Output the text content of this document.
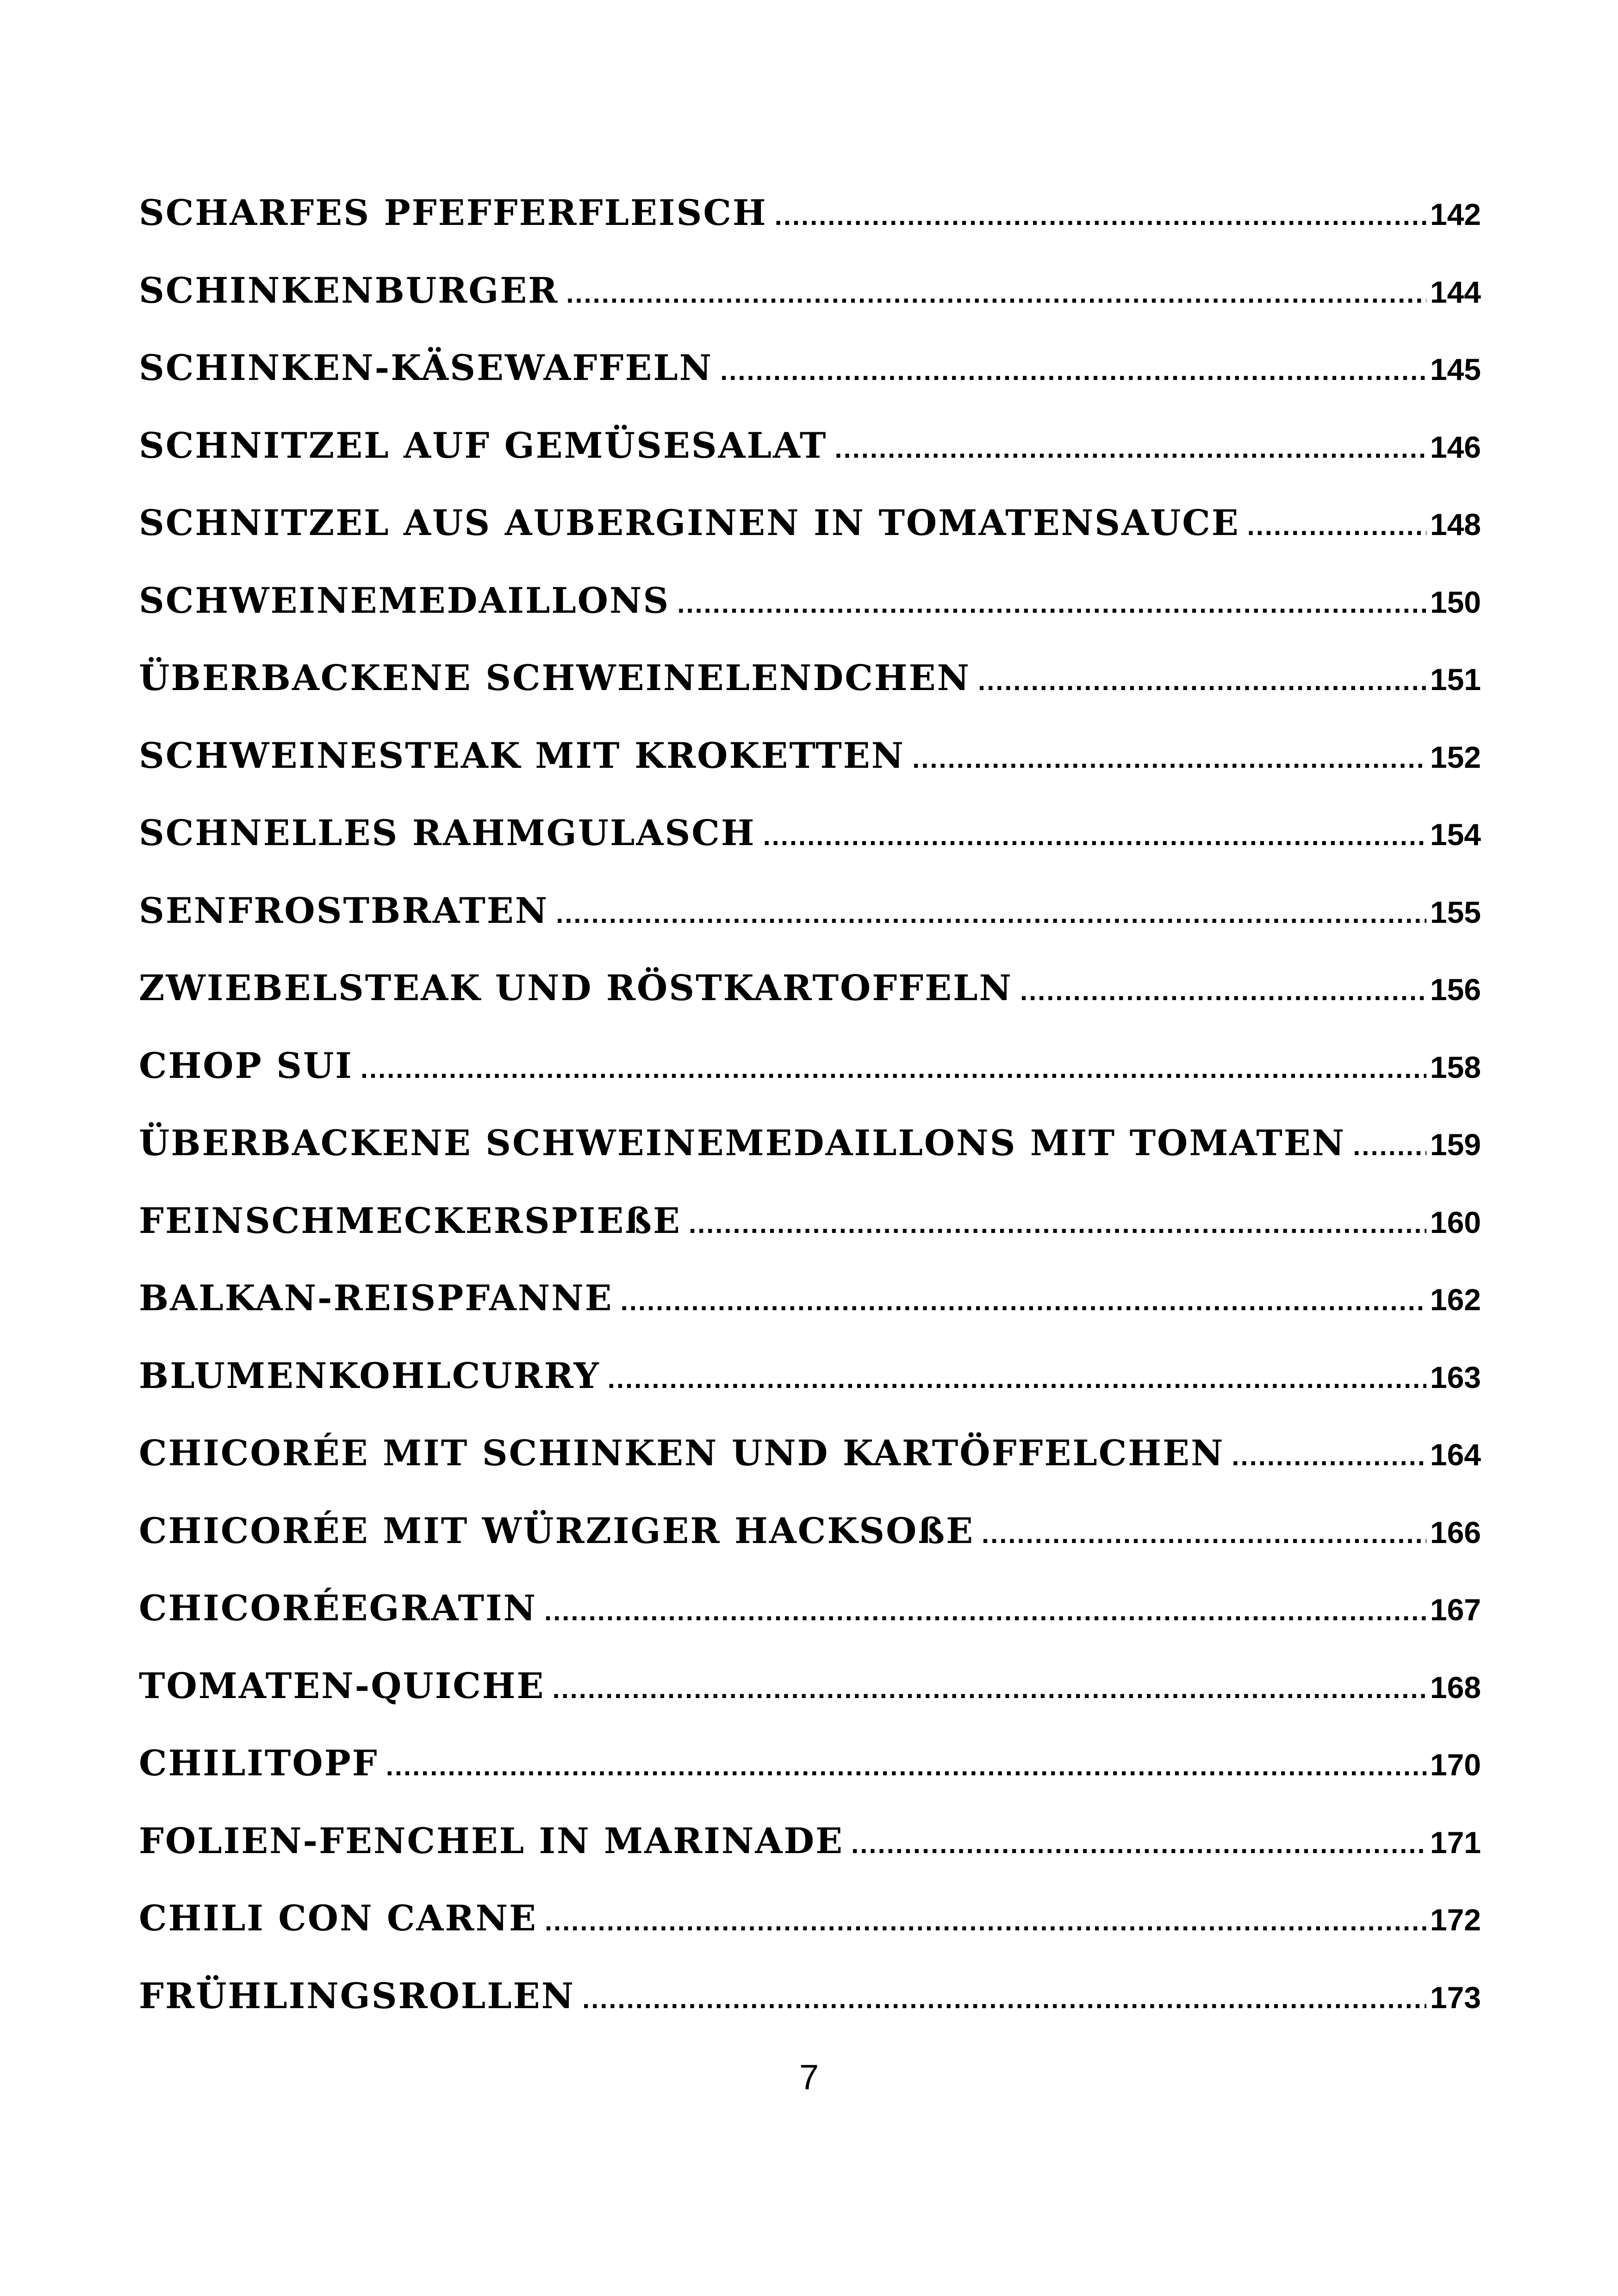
SCHARFES PFEFFERFLEISCH .....	142
SCHINKENBURGER .....	144
SCHINKEN-KÄSEWAFFELN .....	145
SCHNITZEL AUF GEMÜSESALAT .....	146
SCHNITZEL AUS AUBERGINEN IN TOMATENSAUCE .....	148
SCHWEINEMEDAILLONS .....	150
ÜBERBACKENE SCHWEINELENDCHEN .....	151
SCHWEINESTEAK MIT KROKETTEN .....	152
SCHNELLES RAHMGULASCH .....	154
SENFROSTBRATEN .....	155
ZWIEBELSTEAK UND RÖSTKARTOFFELN .....	156
CHOP SUI .....	158
ÜBERBACKENE SCHWEINEMEDAILLONS MIT TOMATEN .....	159
FEINSCHMECKERSPIEßE .....	160
BALKAN-REISPFANNE .....	162
BLUMENKOHLCURRY .....	163
CHICORÉE MIT SCHINKEN UND KARTÖFFELCHEN .....	164
CHICORÉE MIT WÜRZIGER HACKSOßE .....	166
CHICORÉEGRATIN .....	167
TOMATEN-QUICHE .....	168
CHILITOPF .....	170
FOLIEN-FENCHEL IN MARINADE .....	171
CHILI CON CARNE .....	172
FRÜHLINGSROLLEN .....	173
7
